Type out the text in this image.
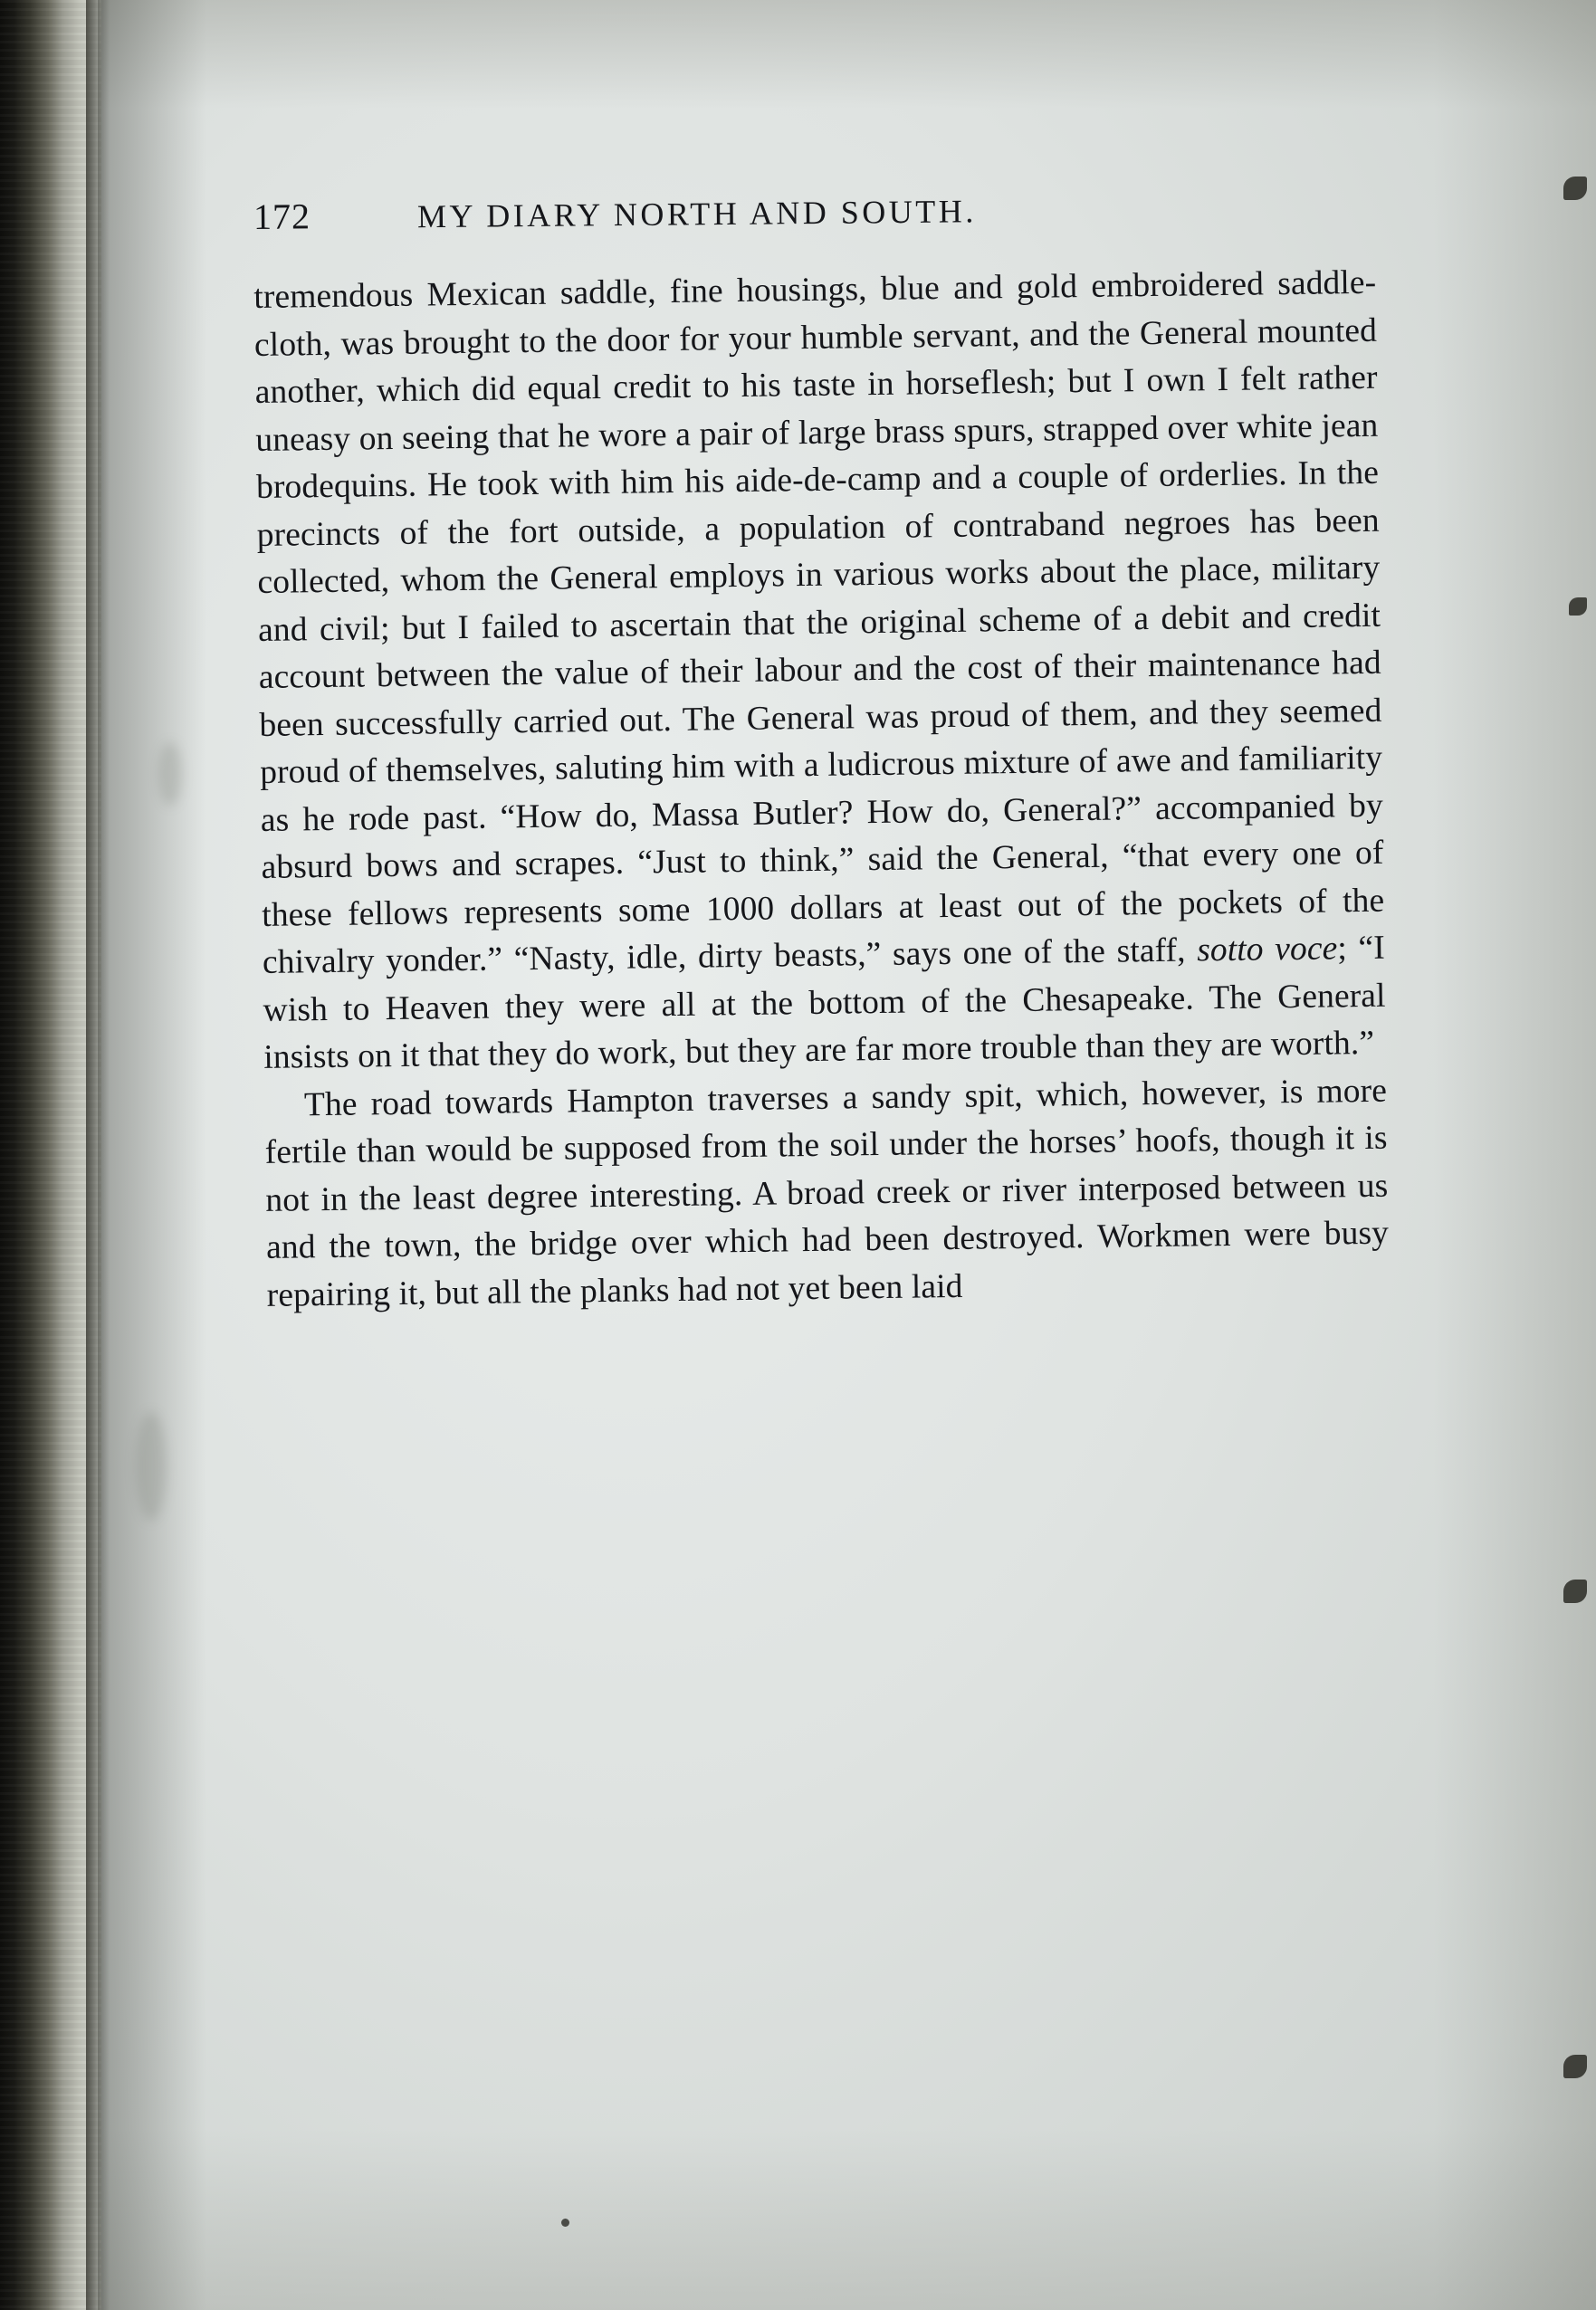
172	MY DIARY NORTH AND SOUTH.

tremendous Mexican saddle, fine housings, blue and gold embroidered saddle-cloth, was brought to the door for your humble servant, and the General mounted another, which did equal credit to his taste in horseflesh; but I own I felt rather uneasy on seeing that he wore a pair of large brass spurs, strapped over white jean brodequins. He took with him his aide-de-camp and a couple of orderlies. In the precincts of the fort outside, a population of contraband negroes has been collected, whom the General employs in various works about the place, military and civil; but I failed to ascertain that the original scheme of a debit and credit account between the value of their labour and the cost of their maintenance had been successfully carried out. The General was proud of them, and they seemed proud of themselves, saluting him with a ludicrous mixture of awe and familiarity as he rode past. “How do, Massa Butler? How do, General?” accompanied by absurd bows and scrapes. “Just to think,” said the General, “that every one of these fellows represents some 1000 dollars at least out of the pockets of the chivalry yonder.” “Nasty, idle, dirty beasts,” says one of the staff, sotto voce; “I wish to Heaven they were all at the bottom of the Chesapeake. The General insists on it that they do work, but they are far more trouble than they are worth.”

The road towards Hampton traverses a sandy spit, which, however, is more fertile than would be supposed from the soil under the horses’ hoofs, though it is not in the least degree interesting. A broad creek or river interposed between us and the town, the bridge over which had been destroyed. Workmen were busy repairing it, but all the planks had not yet been laid
